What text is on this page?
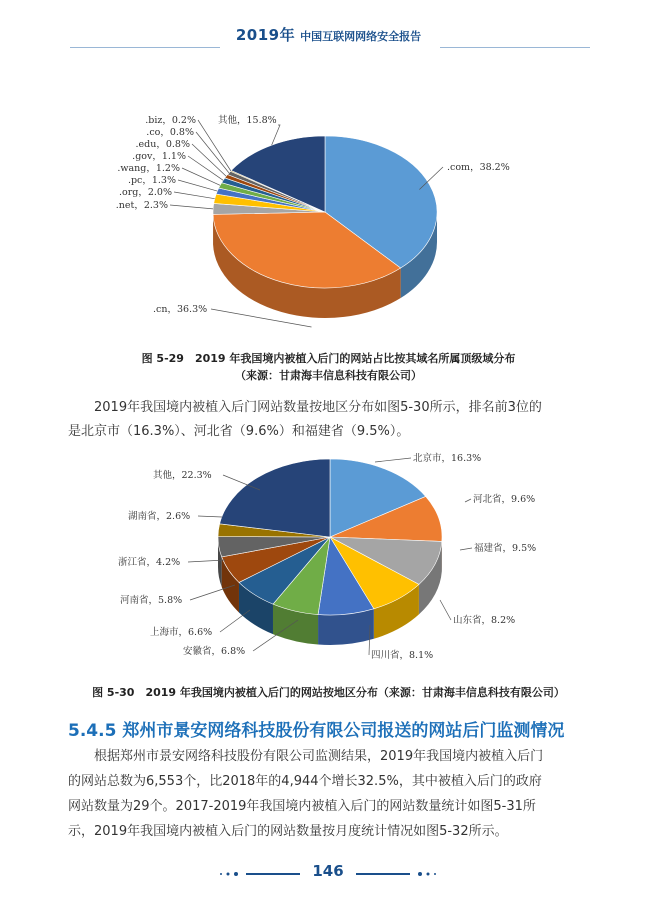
2019年 中国互联网网络安全报告
.com，38.2%
.cn，36.3%
.net，2.3%
.org，2.0%
.pc，1.3%
.wang，1.2%
.gov，1.1%
.edu，0.8%
.co，0.8%
.biz，0.2% 其他，15.8%
图 5-29　2019 年我国境内被植入后门的网站占比按其域名所属顶级域分布
（来源：甘肃海丰信息科技有限公司）
2019年我国境内被植入后门网站数量按地区分布如图5-30所示，排名前3位的
是北京市（16.3%）、河北省（9.6%）和福建省（9.5%）。
北京市，16.3%
河北省，9.6%
福建省，9.5%
山东省，8.2%
四川省，8.1%
安徽省，6.8%
上海市，6.6%
河南省，5.8%
浙江省，4.2%
湖南省，2.6%
其他，22.3%
图 5-30　2019 年我国境内被植入后门的网站按地区分布（来源：甘肃海丰信息科技有限公司）
5.4.5 郑州市景安网络科技股份有限公司报送的网站后门监测情况
根据郑州市景安网络科技股份有限公司监测结果，2019年我国境内被植入后门
的网站总数为6,553个，比2018年的4,944个增长32.5%，其中被植入后门的政府
网站数量为29个。2017-2019年我国境内被植入后门的网站数量统计如图5-31所
示，2019年我国境内被植入后门的网站数量按月度统计情况如图5-32所示。
146
